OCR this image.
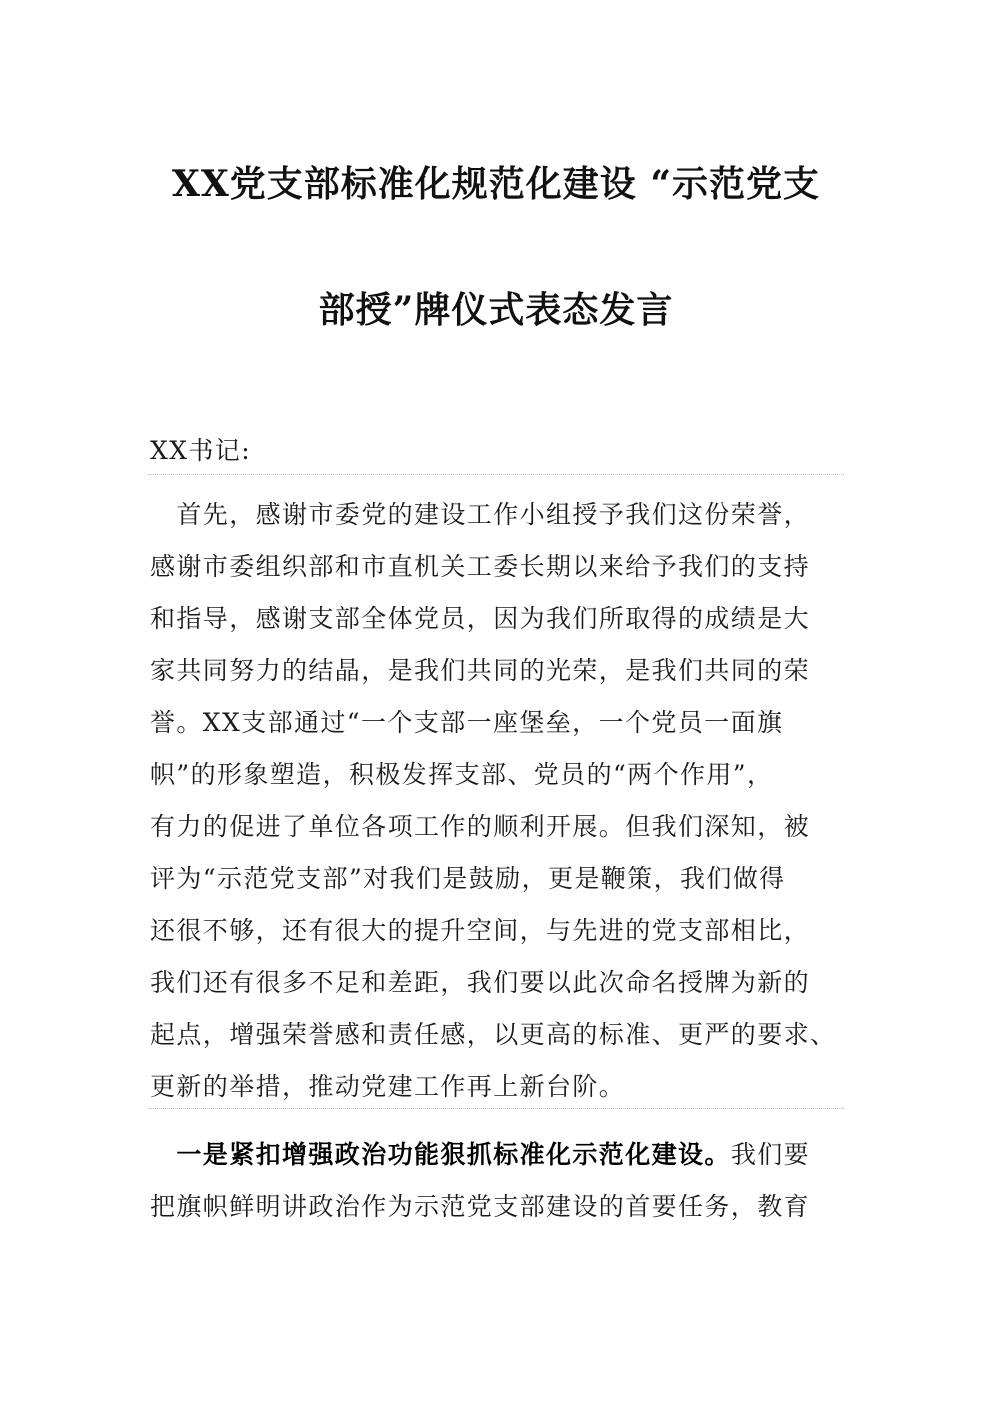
XX党支部标准化规范化建设 “示范党支
部授”牌仪式表态发言
XX书记:
　首先，感谢市委党的建设工作小组授予我们这份荣誉，
感谢市委组织部和市直机关工委长期以来给予我们的支持
和指导，感谢支部全体党员，因为我们所取得的成绩是大
家共同努力的结晶，是我们共同的光荣，是我们共同的荣
誉。XX支部通过“一个支部一座堡垒，一个党员一面旗
帜”的形象塑造，积极发挥支部、党员的“两个作用”，
有力的促进了单位各项工作的顺利开展。但我们深知，被
评为“示范党支部”对我们是鼓励，更是鞭策，我们做得
还很不够，还有很大的提升空间，与先进的党支部相比，
我们还有很多不足和差距，我们要以此次命名授牌为新的
起点，增强荣誉感和责任感，以更高的标准、更严的要求、
更新的举措，推动党建工作再上新台阶。
　一是紧扣增强政治功能狠抓标准化示范化建设。我们要
把旗帜鲜明讲政治作为示范党支部建设的首要任务，教育
